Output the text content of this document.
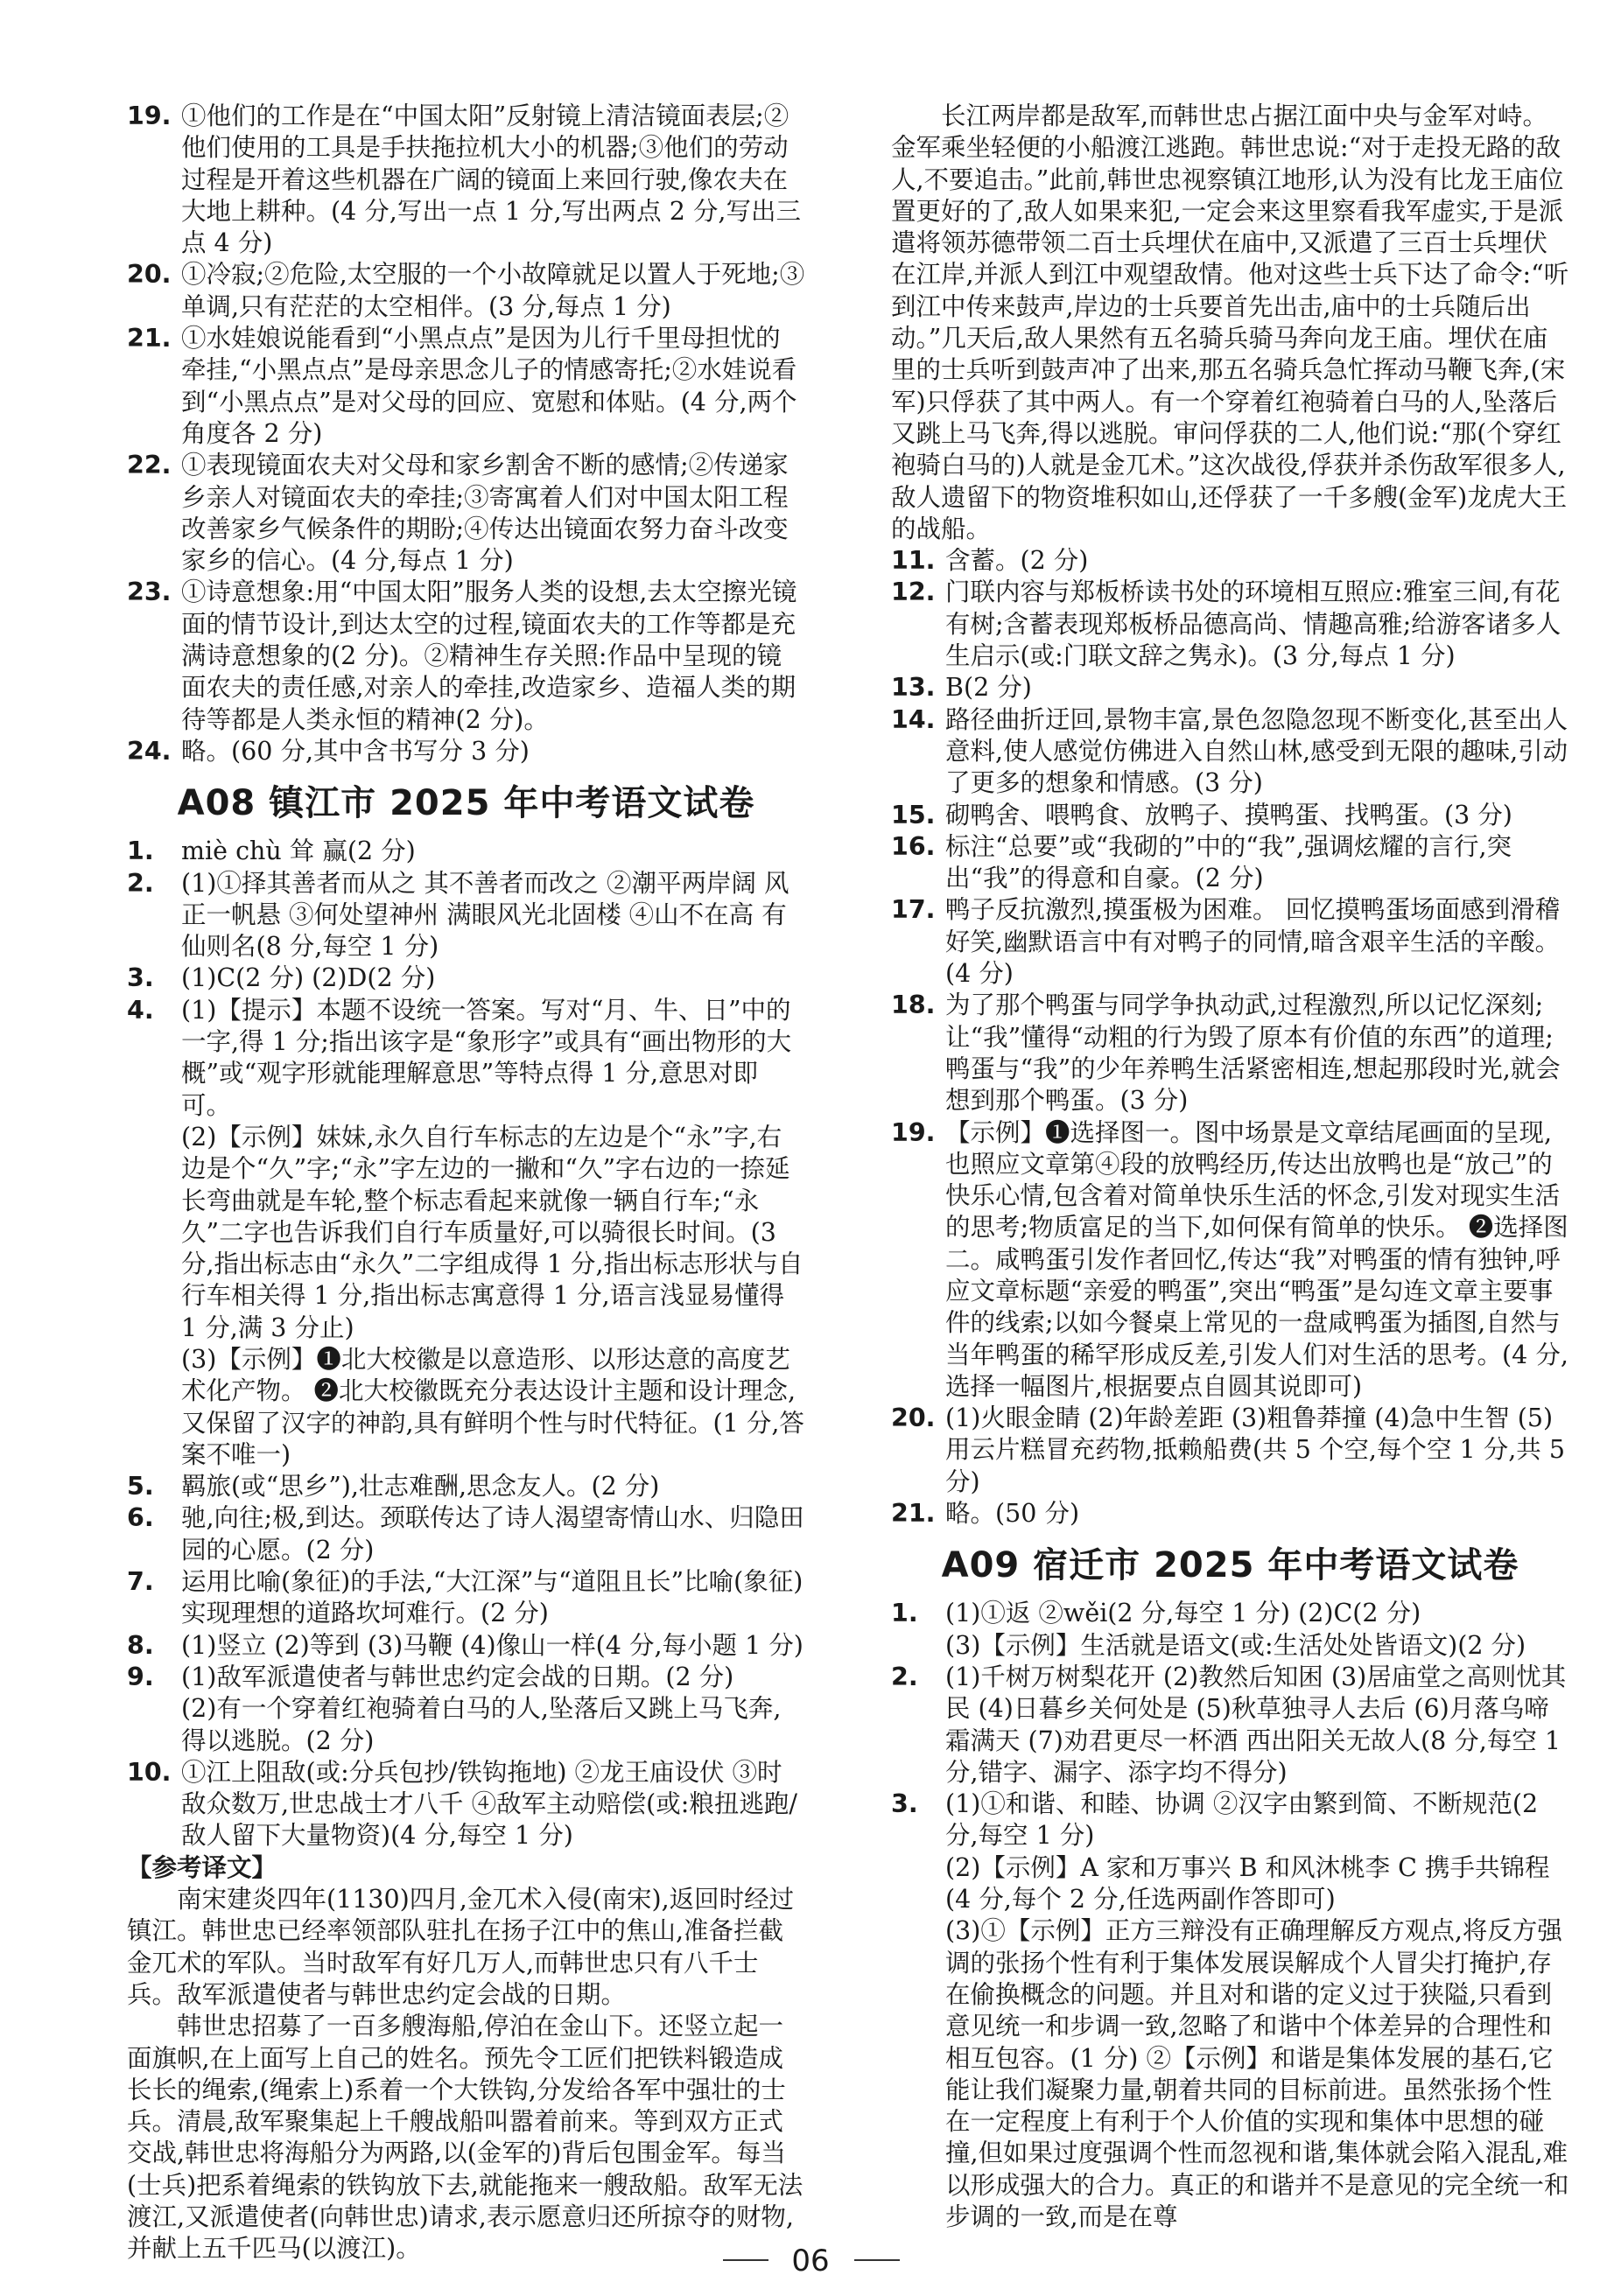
19. ①他们的工作是在“中国太阳”反射镜上清洁镜面表层;②他们使用的工具是手扶拖拉机大小的机器;③他们的劳动过程是开着这些机器在广阔的镜面上来回行驶,像农夫在大地上耕种。(4 分,写出一点 1 分,写出两点 2 分,写出三点 4 分)
20. ①冷寂;②危险,太空服的一个小故障就足以置人于死地;③单调,只有茫茫的太空相伴。(3 分,每点 1 分)
21. ①水娃娘说能看到“小黑点点”是因为儿行千里母担忧的牵挂,“小黑点点”是母亲思念儿子的情感寄托;②水娃说看到“小黑点点”是对父母的回应、宽慰和体贴。(4 分,两个角度各 2 分)
22. ①表现镜面农夫对父母和家乡割舍不断的感情;②传递家乡亲人对镜面农夫的牵挂;③寄寓着人们对中国太阳工程改善家乡气候条件的期盼;④传达出镜面农努力奋斗改变家乡的信心。(4 分,每点 1 分)
23. ①诗意想象:用“中国太阳”服务人类的设想,去太空擦光镜面的情节设计,到达太空的过程,镜面农夫的工作等都是充满诗意想象的(2 分)。②精神生存关照:作品中呈现的镜面农夫的责任感,对亲人的牵挂,改造家乡、造福人类的期待等都是人类永恒的精神(2 分)。
24. 略。(60 分,其中含书写分 3 分)
A08 镇江市 2025 年中考语文试卷
1. miè chù 耸 赢(2 分)
2. (1)①择其善者而从之 其不善者而改之 ②潮平两岸阔 风正一帆悬 ③何处望神州 满眼风光北固楼 ④山不在高 有仙则名(8 分,每空 1 分)
3. (1)C(2 分) (2)D(2 分)
4. (1)【提示】本题不设统一答案。写对“月、牛、日”中的一字,得 1 分;指出该字是“象形字”或具有“画出物形的大概”或“观字形就能理解意思”等特点得 1 分,意思对即可。
(2)【示例】妹妹,永久自行车标志的左边是个“永”字,右边是个“久”字;“永”字左边的一撇和“久”字右边的一捺延长弯曲就是车轮,整个标志看起来就像一辆自行车;“永久”二字也告诉我们自行车质量好,可以骑很长时间。(3 分,指出标志由“永久”二字组成得 1 分,指出标志形状与自行车相关得 1 分,指出标志寓意得 1 分,语言浅显易懂得 1 分,满 3 分止)
(3)【示例】❶北大校徽是以意造形、以形达意的高度艺术化产物。 ❷北大校徽既充分表达设计主题和设计理念,又保留了汉字的神韵,具有鲜明个性与时代特征。(1 分,答案不唯一)
5. 羁旅(或“思乡”),壮志难酬,思念友人。(2 分)
6. 驰,向往;极,到达。颈联传达了诗人渴望寄情山水、归隐田园的心愿。(2 分)
7. 运用比喻(象征)的手法,“大江深”与“道阻且长”比喻(象征)实现理想的道路坎坷难行。(2 分)
8. (1)竖立 (2)等到 (3)马鞭 (4)像山一样(4 分,每小题 1 分)
9. (1)敌军派遣使者与韩世忠约定会战的日期。(2 分)
(2)有一个穿着红袍骑着白马的人,坠落后又跳上马飞奔,得以逃脱。(2 分)
10. ①江上阻敌(或:分兵包抄/铁钩拖地) ②龙王庙设伏 ③时敌众数万,世忠战士才八千 ④敌军主动赔偿(或:粮扭逃跑/敌人留下大量物资)(4 分,每空 1 分)
【参考译文】
南宋建炎四年(1130)四月,金兀术入侵(南宋),返回时经过镇江。韩世忠已经率领部队驻扎在扬子江中的焦山,准备拦截金兀术的军队。当时敌军有好几万人,而韩世忠只有八千士兵。敌军派遣使者与韩世忠约定会战的日期。
韩世忠招募了一百多艘海船,停泊在金山下。还竖立起一面旗帜,在上面写上自己的姓名。预先令工匠们把铁料锻造成长长的绳索,(绳索上)系着一个大铁钩,分发给各军中强壮的士兵。清晨,敌军聚集起上千艘战船叫嚣着前来。等到双方正式交战,韩世忠将海船分为两路,以(金军的)背后包围金军。每当(士兵)把系着绳索的铁钩放下去,就能拖来一艘敌船。敌军无法渡江,又派遣使者(向韩世忠)请求,表示愿意归还所掠夺的财物,并献上五千匹马(以渡江)。
长江两岸都是敌军,而韩世忠占据江面中央与金军对峙。金军乘坐轻便的小船渡江逃跑。韩世忠说:“对于走投无路的敌人,不要追击。”此前,韩世忠视察镇江地形,认为没有比龙王庙位置更好的了,敌人如果来犯,一定会来这里察看我军虚实,于是派遣将领苏德带领二百士兵埋伏在庙中,又派遣了三百士兵埋伏在江岸,并派人到江中观望敌情。他对这些士兵下达了命令:“听到江中传来鼓声,岸边的士兵要首先出击,庙中的士兵随后出动。”几天后,敌人果然有五名骑兵骑马奔向龙王庙。埋伏在庙里的士兵听到鼓声冲了出来,那五名骑兵急忙挥动马鞭飞奔,(宋军)只俘获了其中两人。有一个穿着红袍骑着白马的人,坠落后又跳上马飞奔,得以逃脱。审问俘获的二人,他们说:“那(个穿红袍骑白马的)人就是金兀术。”这次战役,俘获并杀伤敌军很多人,敌人遗留下的物资堆积如山,还俘获了一千多艘(金军)龙虎大王的战船。
11. 含蓄。(2 分)
12. 门联内容与郑板桥读书处的环境相互照应:雅室三间,有花有树;含蓄表现郑板桥品德高尚、情趣高雅;给游客诸多人生启示(或:门联文辞之隽永)。(3 分,每点 1 分)
13. B(2 分)
14. 路径曲折迂回,景物丰富,景色忽隐忽现不断变化,甚至出人意料,使人感觉仿佛进入自然山林,感受到无限的趣味,引动了更多的想象和情感。(3 分)
15. 砌鸭舍、喂鸭食、放鸭子、摸鸭蛋、找鸭蛋。(3 分)
16. 标注“总要”或“我砌的”中的“我”,强调炫耀的言行,突出“我”的得意和自豪。(2 分)
17. 鸭子反抗激烈,摸蛋极为困难。 回忆摸鸭蛋场面感到滑稽好笑,幽默语言中有对鸭子的同情,暗含艰辛生活的辛酸。(4 分)
18. 为了那个鸭蛋与同学争执动武,过程激烈,所以记忆深刻;让“我”懂得“动粗的行为毁了原本有价值的东西”的道理;鸭蛋与“我”的少年养鸭生活紧密相连,想起那段时光,就会想到那个鸭蛋。(3 分)
19. 【示例】❶选择图一。图中场景是文章结尾画面的呈现,也照应文章第④段的放鸭经历,传达出放鸭也是“放己”的快乐心情,包含着对简单快乐生活的怀念,引发对现实生活的思考;物质富足的当下,如何保有简单的快乐。 ❷选择图二。咸鸭蛋引发作者回忆,传达“我”对鸭蛋的情有独钟,呼应文章标题“亲爱的鸭蛋”,突出“鸭蛋”是勾连文章主要事件的线索;以如今餐桌上常见的一盘咸鸭蛋为插图,自然与当年鸭蛋的稀罕形成反差,引发人们对生活的思考。(4 分,选择一幅图片,根据要点自圆其说即可)
20. (1)火眼金睛 (2)年龄差距 (3)粗鲁莽撞 (4)急中生智 (5)用云片糕冒充药物,抵赖船费(共 5 个空,每个空 1 分,共 5 分)
21. 略。(50 分)
A09 宿迁市 2025 年中考语文试卷
1. (1)①返 ②wěi(2 分,每空 1 分) (2)C(2 分)
(3)【示例】生活就是语文(或:生活处处皆语文)(2 分)
2. (1)千树万树梨花开 (2)教然后知困 (3)居庙堂之高则忧其民 (4)日暮乡关何处是 (5)秋草独寻人去后 (6)月落乌啼霜满天 (7)劝君更尽一杯酒 西出阳关无故人(8 分,每空 1 分,错字、漏字、添字均不得分)
3. (1)①和谐、和睦、协调 ②汉字由繁到简、不断规范(2 分,每空 1 分)
(2)【示例】A 家和万事兴 B 和风沐桃李 C 携手共锦程(4 分,每个 2 分,任选两副作答即可)
(3)①【示例】正方三辩没有正确理解反方观点,将反方强调的张扬个性有利于集体发展误解成个人冒尖打掩护,存在偷换概念的问题。并且对和谐的定义过于狭隘,只看到意见统一和步调一致,忽略了和谐中个体差异的合理性和相互包容。(1 分) ②【示例】和谐是集体发展的基石,它能让我们凝聚力量,朝着共同的目标前进。虽然张扬个性在一定程度上有利于个人价值的实现和集体中思想的碰撞,但如果过度强调个性而忽视和谐,集体就会陷入混乱,难以形成强大的合力。真正的和谐并不是意见的完全统一和步调的一致,而是在尊
06
